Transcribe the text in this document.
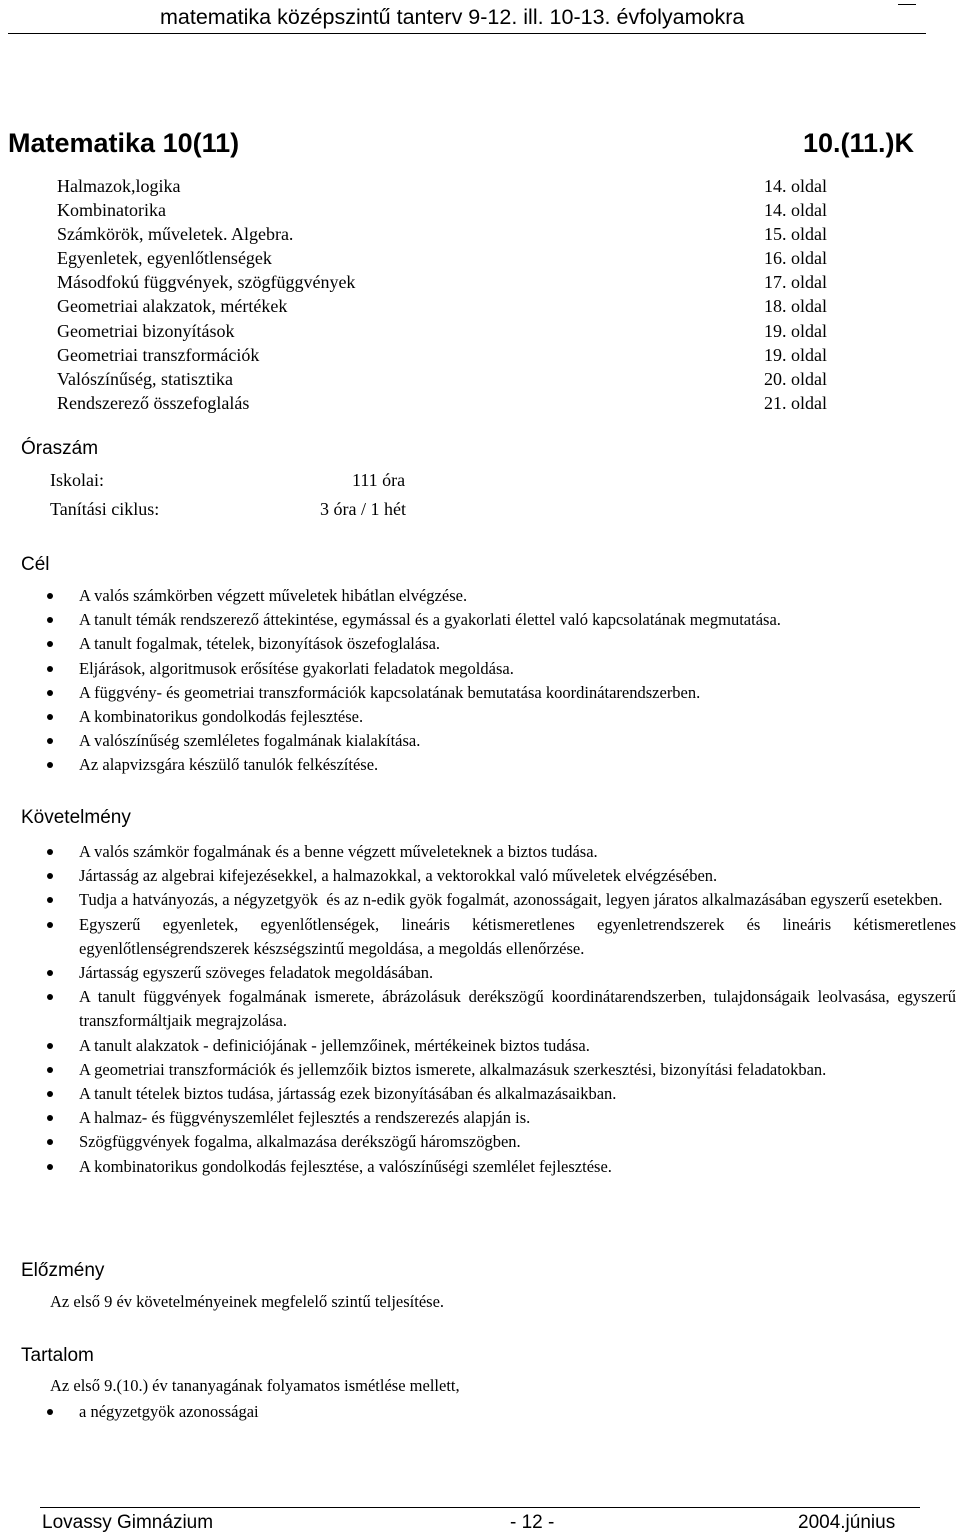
matematika középszintű tanterv 9-12. ill. 10-13. évfolyamokra
Matematika 10(11)	10.(11.)K
Halmazok,logika	14. oldal
Kombinatorika	14. oldal
Számkörök, műveletek. Algebra.	15. oldal
Egyenletek, egyenlőtlenségek	16. oldal
Másodfokú függvények, szögfüggvények	17. oldal
Geometriai alakzatok, mértékek	18. oldal
Geometriai bizonyítások	19. oldal
Geometriai transzformációk	19. oldal
Valószínűség, statisztika	20. oldal
Rendszerező összefoglalás	21. oldal
Óraszám
Iskolai:	111 óra
Tanítási ciklus:	3 óra / 1 hét
Cél
A valós számkörben végzett műveletek hibátlan elvégzése.
A tanult témák rendszerező áttekintése, egymással és a gyakorlati élettel való kapcsolatának megmutatása.
A tanult fogalmak, tételek, bizonyítások öszefoglalása.
Eljárások, algoritmusok erősítése gyakorlati feladatok megoldása.
A függvény- és geometriai transzformációk kapcsolatának bemutatása koordinátarendszerben.
A kombinatorikus gondolkodás fejlesztése.
A valószínűség szemléletes fogalmának kialakítása.
Az alapvizsgára készülő tanulók felkészítése.
Követelmény
A valós számkör fogalmának és a benne végzett műveleteknek a biztos tudása.
Jártasság az algebrai kifejezésekkel, a halmazokkal, a vektorokkal való műveletek elvégzésében.
Tudja a hatványozás, a négyzetgyök  és az n-edik gyök fogalmát, azonosságait, legyen járatos alkalmazásában egyszerű esetekben.
Egyszerű egyenletek, egyenlőtlenségek, lineáris kétismeretlenes egyenletrendszerek és lineáris kétismeretlenes egyenlőtlenségrendszerek készségszintű megoldása, a megoldás ellenőrzése.
Jártasság egyszerű szöveges feladatok megoldásában.
A tanult függvények fogalmának ismerete, ábrázolásuk derékszögű koordinátarendszerben, tulajdonságaik leolvasása, egyszerű transzformáltjaik megrajzolása.
A tanult alakzatok - definiciójának - jellemzőinek, mértékeinek biztos tudása.
A geometriai transzformációk és jellemzőik biztos ismerete, alkalmazásuk szerkesztési, bizonyítási feladatokban.
A tanult tételek biztos tudása, jártasság ezek bizonyításában és alkalmazásaikban.
A halmaz- és függvényszemlélet fejlesztés a rendszerezés alapján is.
Szögfüggvények fogalma, alkalmazása derékszögű háromszögben.
A kombinatorikus gondolkodás fejlesztése, a valószínűségi szemlélet fejlesztése.
Előzmény
Az első 9 év követelményeinek megfelelő szintű teljesítése.
Tartalom
Az első 9.(10.) év tananyagának folyamatos ismétlése mellett,
a négyzetgyök azonosságai
Lovassy Gimnázium	- 12 -	2004.június
